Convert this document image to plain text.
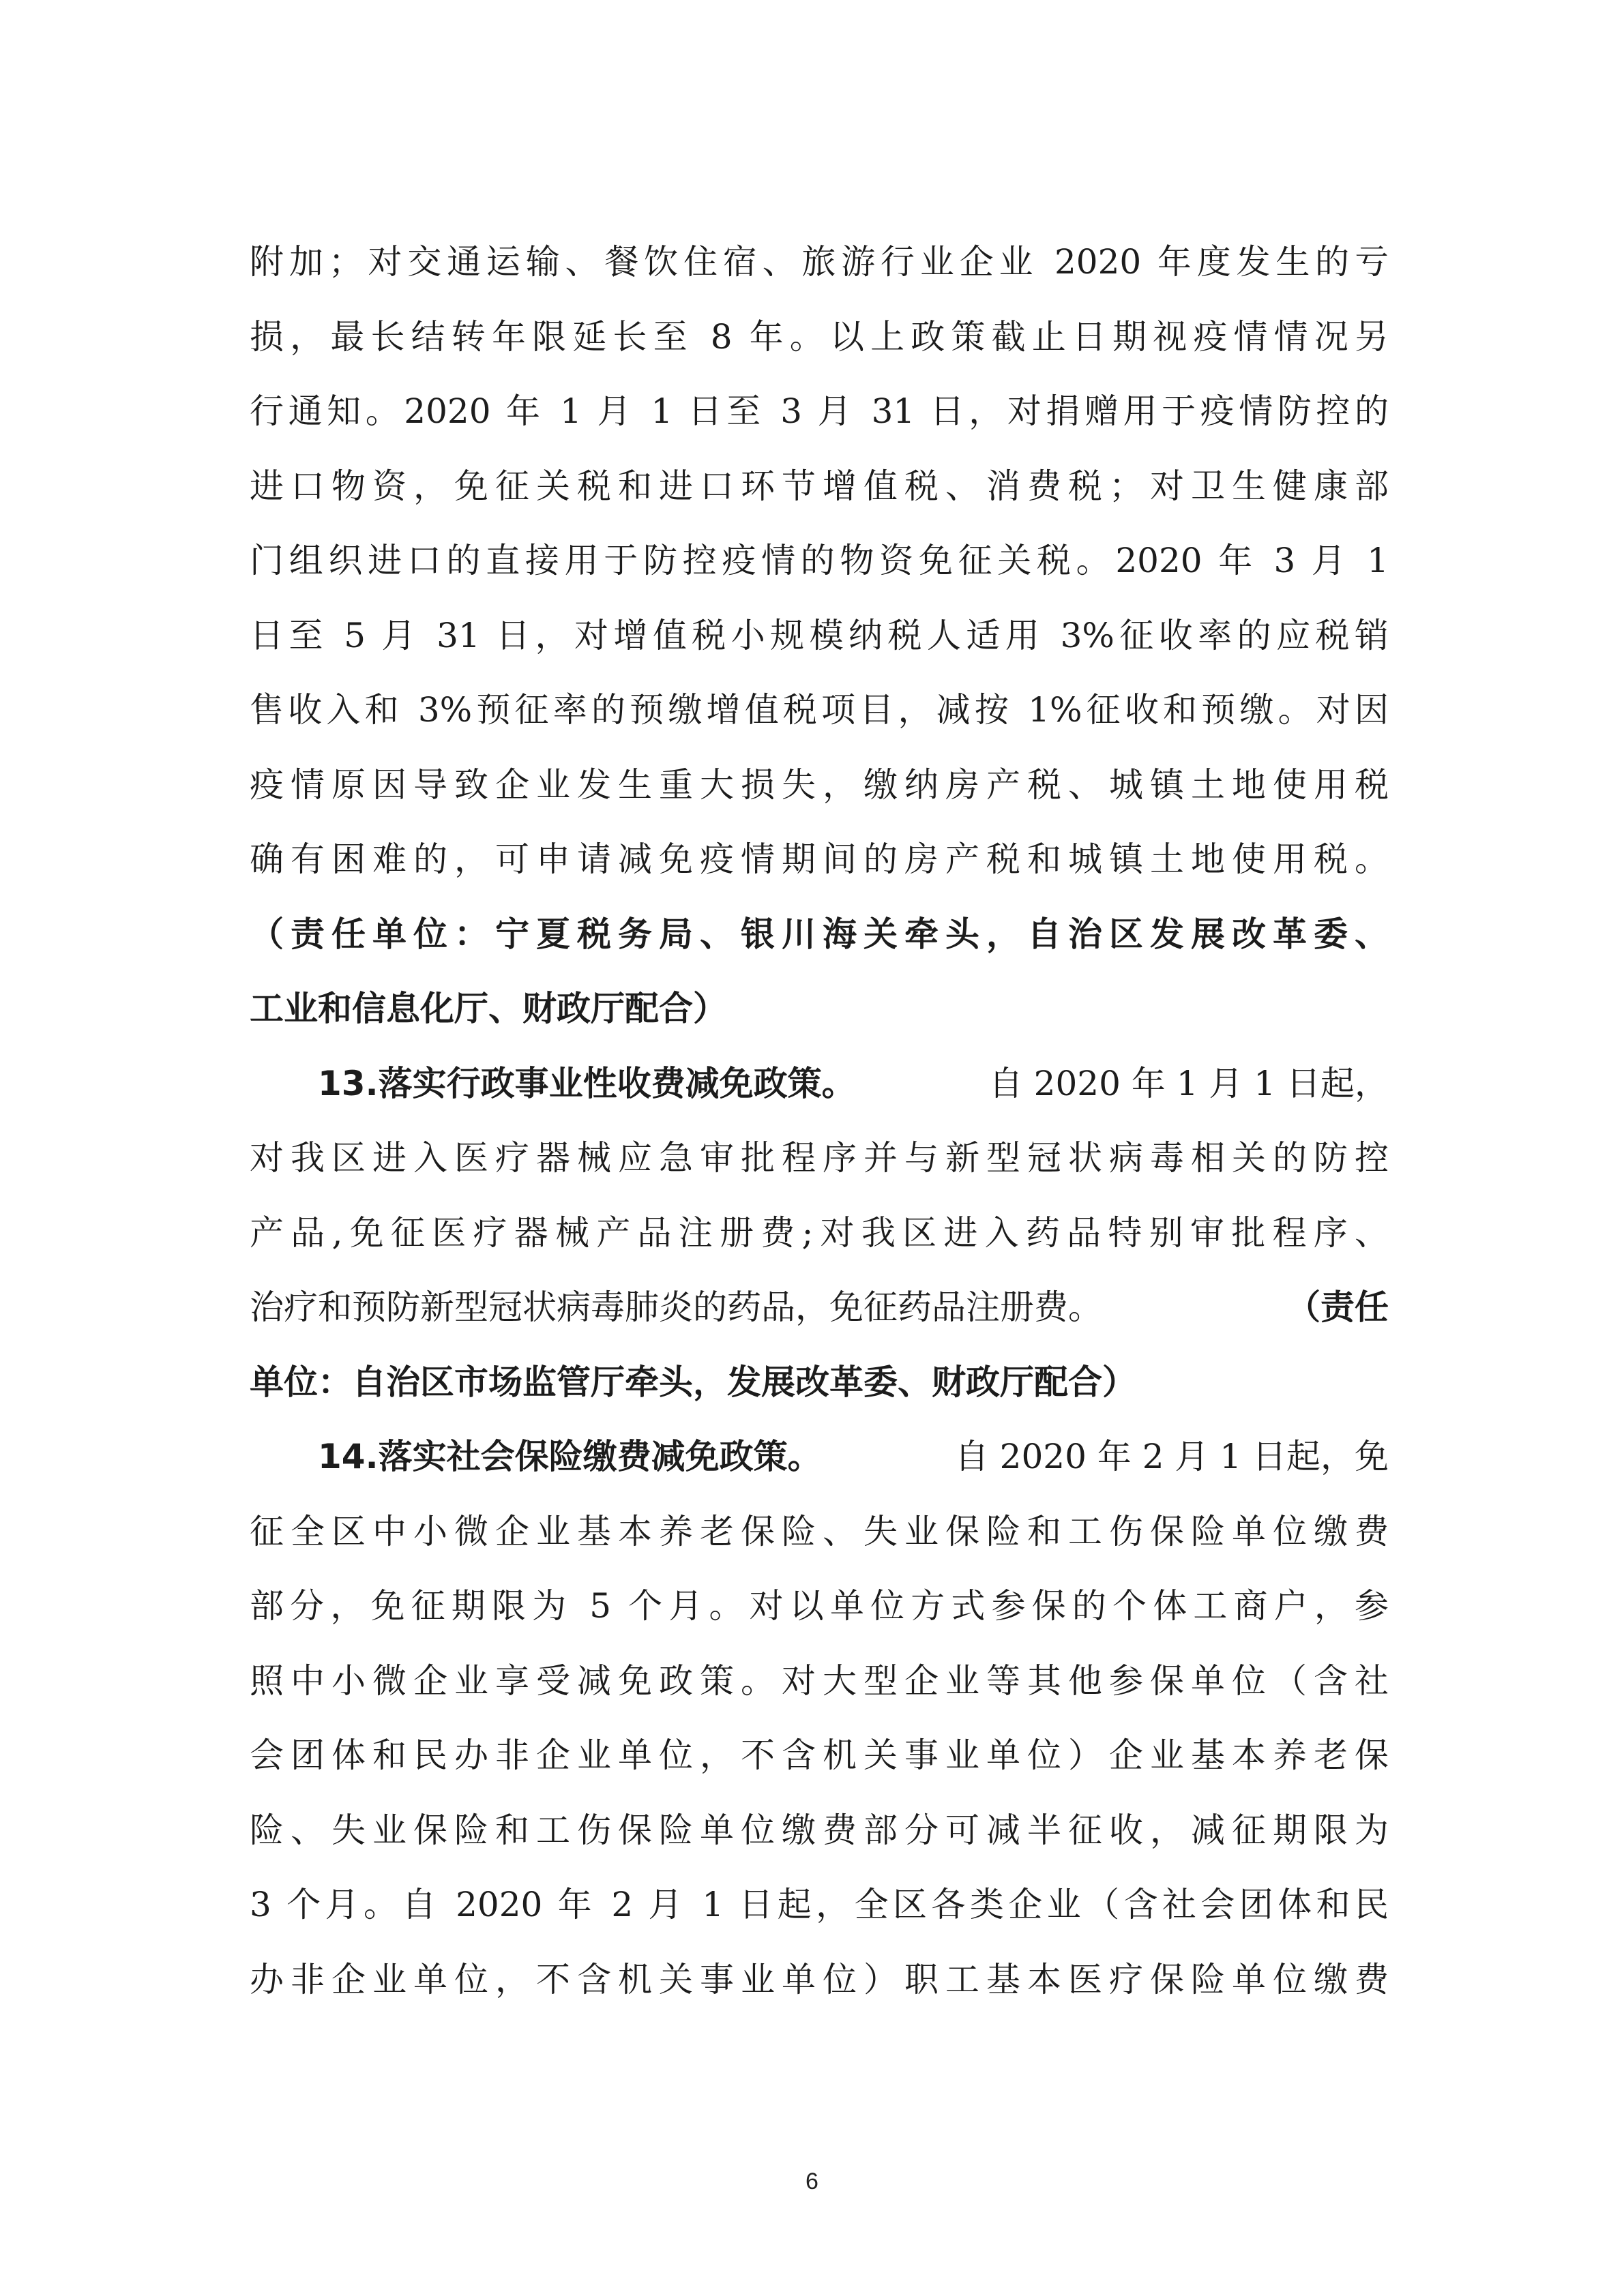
附加；对交通运输、餐饮住宿、旅游行业企业 2020 年度发生的亏
损，最长结转年限延长至 8 年。以上政策截止日期视疫情情况另
行通知。2020 年 1 月 1 日至 3 月 31 日，对捐赠用于疫情防控的
进口物资，免征关税和进口环节增值税、消费税；对卫生健康部
门组织进口的直接用于防控疫情的物资免征关税。2020 年 3 月 1
日至 5 月 31 日，对增值税小规模纳税人适用 3%征收率的应税销
售收入和 3%预征率的预缴增值税项目，减按 1%征收和预缴。对因
疫情原因导致企业发生重大损失，缴纳房产税、城镇土地使用税
确有困难的，可申请减免疫情期间的房产税和城镇土地使用税。
（责任单位：宁夏税务局、银川海关牵头，自治区发展改革委、
工业和信息化厅、财政厅配合）
13.落实行政事业性收费减免政策。	自 2020 年 1 月 1 日起，
对我区进入医疗器械应急审批程序并与新型冠状病毒相关的防控
产品,免征医疗器械产品注册费;对我区进入药品特别审批程序、
治疗和预防新型冠状病毒肺炎的药品，免征药品注册费。	（责任
单位：自治区市场监管厅牵头，发展改革委、财政厅配合）
14.落实社会保险缴费减免政策。	自 2020 年 2 月 1 日起，免
征全区中小微企业基本养老保险、失业保险和工伤保险单位缴费
部分，免征期限为 5 个月。对以单位方式参保的个体工商户，参
照中小微企业享受减免政策。对大型企业等其他参保单位（含社
会团体和民办非企业单位，不含机关事业单位）企业基本养老保
险、失业保险和工伤保险单位缴费部分可减半征收，减征期限为
3 个月。自 2020 年 2 月 1 日起，全区各类企业（含社会团体和民
办非企业单位，不含机关事业单位）职工基本医疗保险单位缴费
6
